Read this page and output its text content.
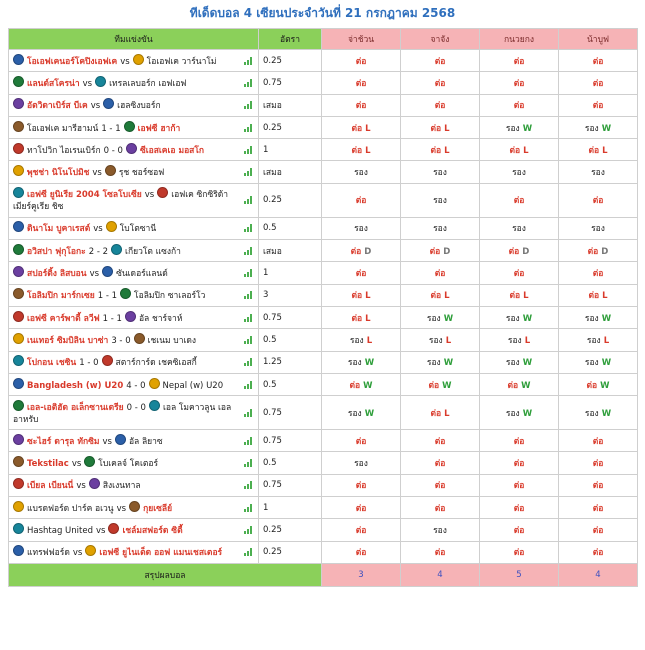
ทีเด็ดบอล 4 เซียนประจำวันที่ 21 กรกฎาคม 2568
ทีมแข่งขัน	อัตรา	จ่าช้วน	จาจัง	กนวยกง	น้าบูฟ
โอเอฟเคนอร์โคปิงเอฟเค vs โอเอฟเค วาร์นาโม่	0.25	ต่อ	ต่อ	ต่อ	ต่อ
แลนด์สโครน่า vs เทรลเลบอร์ก เอฟเอฟ	0.75	ต่อ	ต่อ	ต่อ	ต่อ
อัตวิดาเบิร์ส บีเค vs เฮลซิงบอร์ก	เสมอ	ต่อ	ต่อ	ต่อ	ต่อ
โอเอฟเค มารีฮามน์ 1 - 1 เอฟซี ฮาก้า	0.25	ต่อ L	ต่อ L	รอง W	รอง W
ทาโปวิก ไอเรนเบิร์ก 0 - 0 ซีเอสเคเอ มอสโก	1	ต่อ L	ต่อ L	ต่อ L	ต่อ L
พุชช่า นิโนโปมิช vs รุช ชอร์ซอฟ	เสมอ	รอง	รอง	รอง	รอง
เอฟซี ยูนิเรีย 2004 โซลโบเซีย vs เอฟเค ซิกซิริด้า เมียร์คูเรีย ชิซ	0.25	ต่อ	รอง	ต่อ	ต่อ
ดินาโม บูคาเรสต์ vs โบโตซานี	0.5	รอง	รอง	รอง	รอง
อวิสปา ฟุกุโอกะ 2 - 2 เกียวโต แซงก้า	เสมอ	ต่อ D	ต่อ D	ต่อ D	ต่อ D
สปอร์ติ้ง ลิสบอน vs ซันเดอร์แลนด์	1	ต่อ	ต่อ	ต่อ	ต่อ
โอลิมปิก มาร์กเซย 1 - 1 โอลิมปิก ซาเลอร์โว	3	ต่อ L	ต่อ L	ต่อ L	ต่อ L
เอฟซี คาร์พาตี้ ลวีฟ 1 - 1 อัล ชาร์จาห์	0.75	ต่อ L	รอง W	รอง W	รอง W
เนเทอร์ ซิมบิลิน บาซ่า 3 - 0 เชเนม บาเดง	0.5	รอง L	รอง L	รอง L	รอง L
โปกอน เชซิน 1 - 0 สตาร์การ์ด เชคซิเอสกี้	1.25	รอง W	รอง W	รอง W	รอง W
Bangladesh (w) U20 4 - 0 Nepal (w) U20	0.5	ต่อ W	ต่อ W	ต่อ W	ต่อ W
เอล-เอติฮัด อเล็กซานเดรีย 0 - 0 เอล โมคาวลูน เอล อาหรับ	0.75	รอง W	ต่อ L	รอง W	รอง W
ซะไฮร์ ดารุล ทักซิม vs อัล ลิยาซ	0.75	ต่อ	ต่อ	ต่อ	ต่อ
Tekstilac vs โบเคลจ์ โคเตอร์	0.5	รอง	ต่อ	ต่อ	ต่อ
เบียล เบียนนี่ vs สิงเงนทาล	0.75	ต่อ	ต่อ	ต่อ	ต่อ
แบรดฟอร์ด ปาร์ค อเวนู vs กุยเซลีย์	1	ต่อ	ต่อ	ต่อ	ต่อ
Hashtag United vs เชล์มสฟอร์ด ซิตี้	0.25	ต่อ	รอง	ต่อ	ต่อ
แทรฟฟอร์ด vs เอฟซี ยูไนเต็ด ออฟ แมนเชสเตอร์	0.25	ต่อ	ต่อ	ต่อ	ต่อ
สรุปผลบอล		3	4	5	4
